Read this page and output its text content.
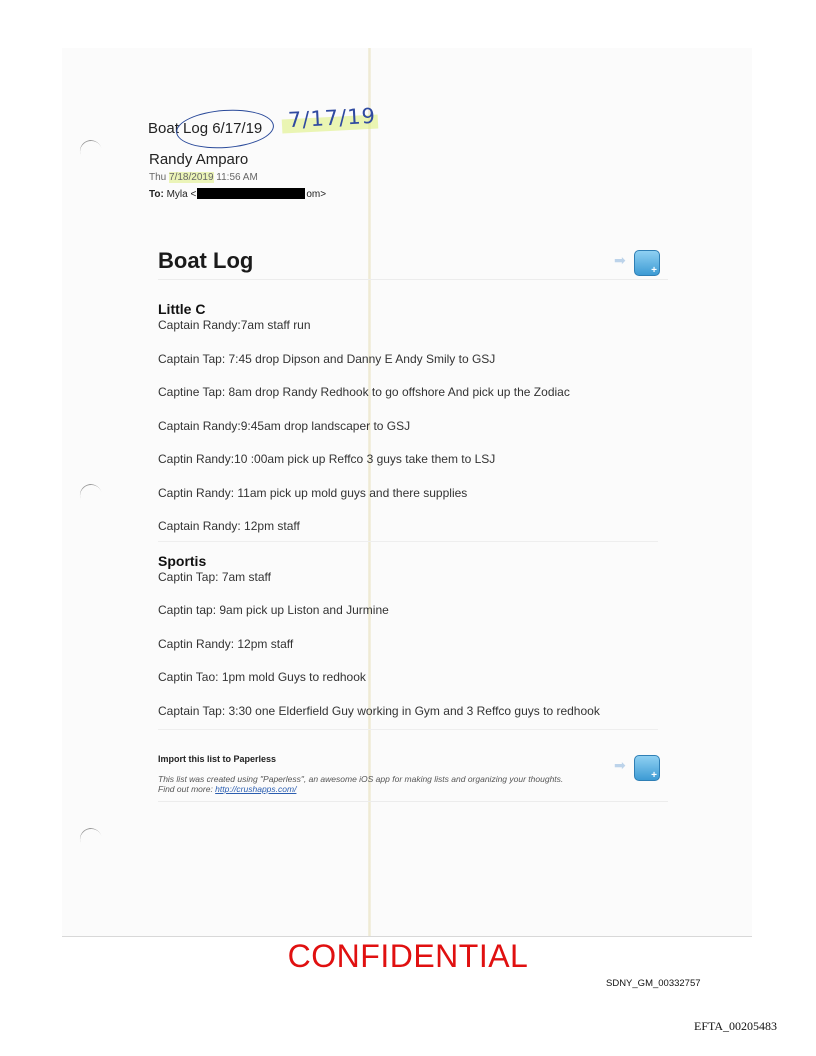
Boat Log 6/17/19 7/17/19
Randy Amparo
Thu 7/18/2019 11:56 AM
To: Myla <	om>
Boat Log	➡
+
Little C
Captain Randy:7am staff run
Captain Tap: 7:45 drop Dipson and Danny E Andy Smily to GSJ
Captine Tap: 8am drop Randy Redhook to go offshore And pick up the Zodiac
Captain Randy:9:45am drop landscaper to GSJ
Captin Randy:10 :00am pick up Reffco 3 guys take them to LSJ
Captin Randy: 11am pick up mold guys and there supplies
Captain Randy: 12pm staff
Sportis
Captin Tap: 7am staff
Captin tap: 9am pick up Liston and Jurmine
Captin Randy: 12pm staff
Captin Tao: 1pm mold Guys to redhook
Captain Tap: 3:30 one Elderfield Guy working in Gym and 3 Reffco guys to redhook
Import this list to Paperless	➡
+
This list was created using "Paperless", an awesome iOS app for making lists and organizing your thoughts.
Find out more: http://crushapps.com/
CONFIDENTIAL
SDNY_GM_00332757
EFTA_00205483
